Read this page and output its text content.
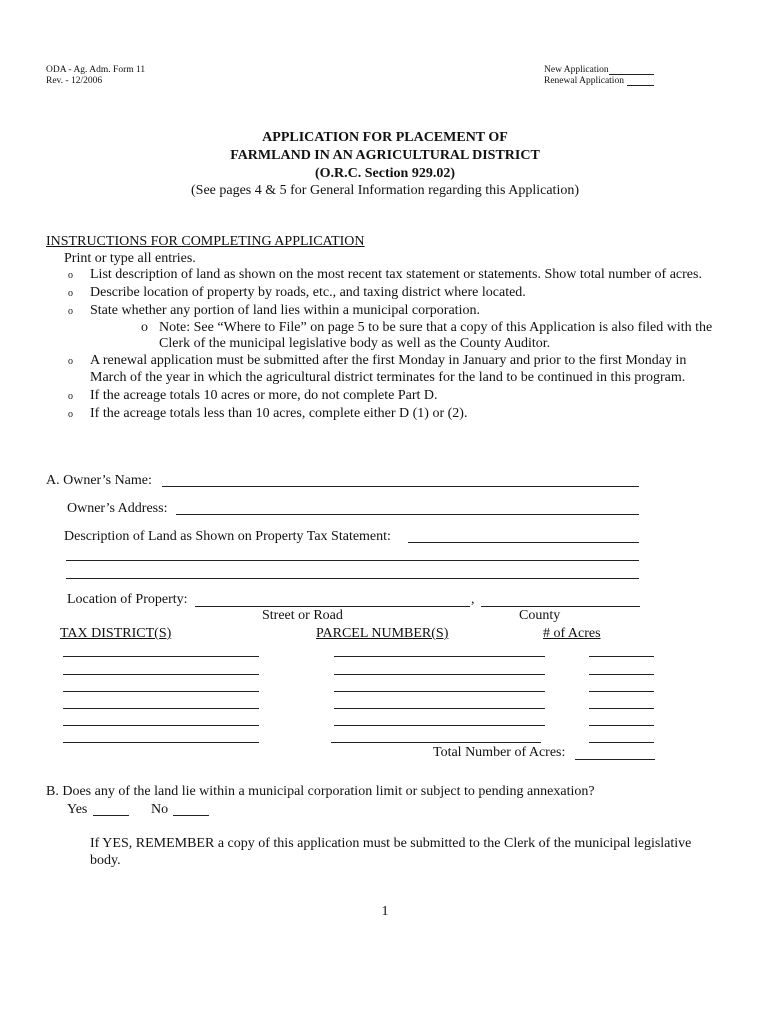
ODA - Ag. Adm. Form 11
Rev. - 12/2006
New Application
Renewal Application
APPLICATION FOR PLACEMENT OF
FARMLAND IN AN AGRICULTURAL DISTRICT
(O.R.C. Section 929.02)
(See pages 4 & 5 for General Information regarding this Application)
INSTRUCTIONS FOR COMPLETING APPLICATION
Print or type all entries.
o List description of land as shown on the most recent tax statement or statements. Show total number of acres.
o Describe location of property by roads, etc., and taxing district where located.
o State whether any portion of land lies within a municipal corporation.
o Note: See “Where to File” on page 5 to be sure that a copy of this Application is also filed with the
Clerk of the municipal legislative body as well as the County Auditor.
o A renewal application must be submitted after the first Monday in January and prior to the first Monday in
March of the year in which the agricultural district terminates for the land to be continued in this program.
o If the acreage totals 10 acres or more, do not complete Part D.
o If the acreage totals less than 10 acres, complete either D (1) or (2).
A. Owner’s Name:
Owner’s Address:
Description of Land as Shown on Property Tax Statement:
Location of Property:	,
Street or Road	County
TAX DISTRICT(S)	PARCEL NUMBER(S)	# of Acres
Total Number of Acres:
B. Does any of the land lie within a municipal corporation limit or subject to pending annexation?
Yes	No
If YES, REMEMBER a copy of this application must be submitted to the Clerk of the municipal legislative
body.
1
